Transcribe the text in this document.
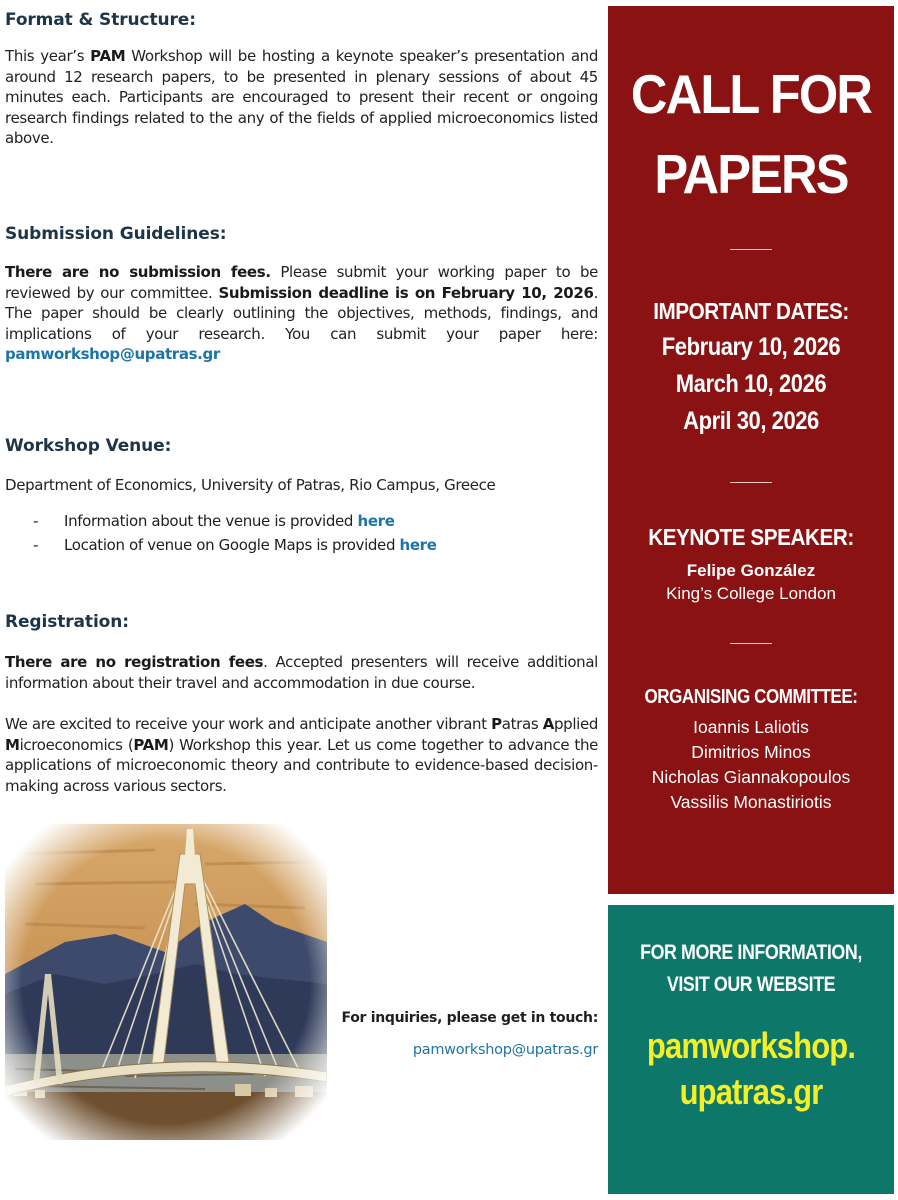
Format & Structure:

This year’s PAM Workshop will be hosting a keynote speaker’s presentation and around 12 research papers, to be presented in plenary sessions of about 45 minutes each. Participants are encouraged to present their recent or ongoing research findings related to the any of the fields of applied microeconomics listed above.

Submission Guidelines:

There are no submission fees. Please submit your working paper to be reviewed by our committee. Submission deadline is on February 10, 2026. The paper should be clearly outlining the objectives, methods, findings, and implications of your research. You can submit your paper here: pamworkshop@upatras.gr

Workshop Venue:

Department of Economics, University of Patras, Rio Campus, Greece

- Information about the venue is provided here
- Location of venue on Google Maps is provided here
Registration:

There are no registration fees. Accepted presenters will receive additional information about their travel and accommodation in due course.

We are excited to receive your work and anticipate another vibrant Patras Applied Microeconomics (PAM) Workshop this year. Let us come together to advance the applications of microeconomic theory and contribute to evidence-based decision-making across various sectors.

For inquiries, please get in touch:
pamworkshop@upatras.gr
CALL FOR
PAPERS
IMPORTANT DATES:
February 10, 2026
March 10, 2026
April 30, 2026
KEYNOTE SPEAKER:
Felipe González
King’s College London
ORGANISING COMMITTEE:
Ioannis Laliotis
Dimitrios Minos
Nicholas Giannakopoulos
Vassilis Monastiriotis
FOR MORE INFORMATION,
VISIT OUR WEBSITE
pamworkshop.
upatras.gr
